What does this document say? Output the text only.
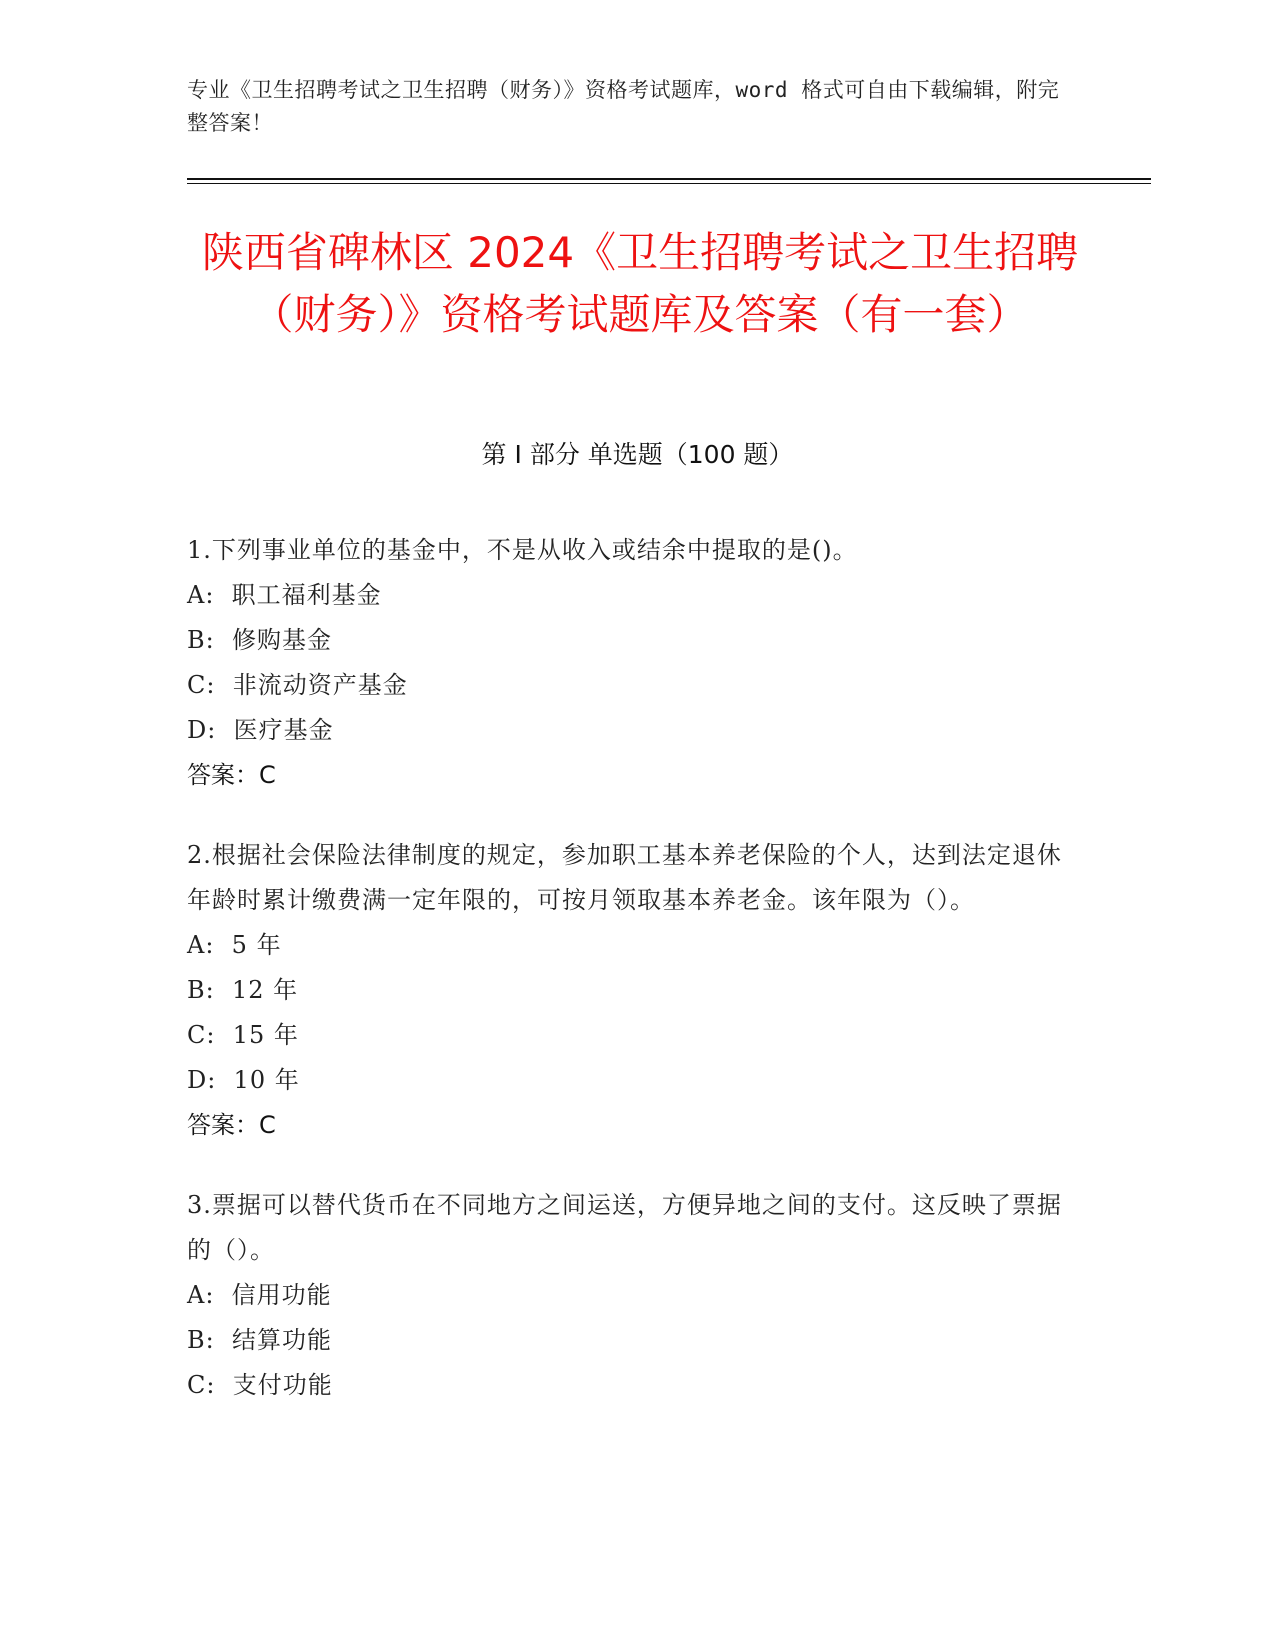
专业《卫生招聘考试之卫生招聘（财务）》资格考试题库，word 格式可自由下载编辑，附完整答案！
陕西省碑林区 2024《卫生招聘考试之卫生招聘（财务）》资格考试题库及答案（有一套）
第 I 部分 单选题（100 题）
1.下列事业单位的基金中，不是从收入或结余中提取的是()。
A:  职工福利基金
B:  修购基金
C:  非流动资产基金
D:  医疗基金
答案：C
2.根据社会保险法律制度的规定，参加职工基本养老保险的个人，达到法定退休年龄时累计缴费满一定年限的，可按月领取基本养老金。该年限为（）。
A:  5 年
B:  12 年
C:  15 年
D:  10 年
答案：C
3.票据可以替代货币在不同地方之间运送，方便异地之间的支付。这反映了票据的（）。
A:  信用功能
B:  结算功能
C:  支付功能
